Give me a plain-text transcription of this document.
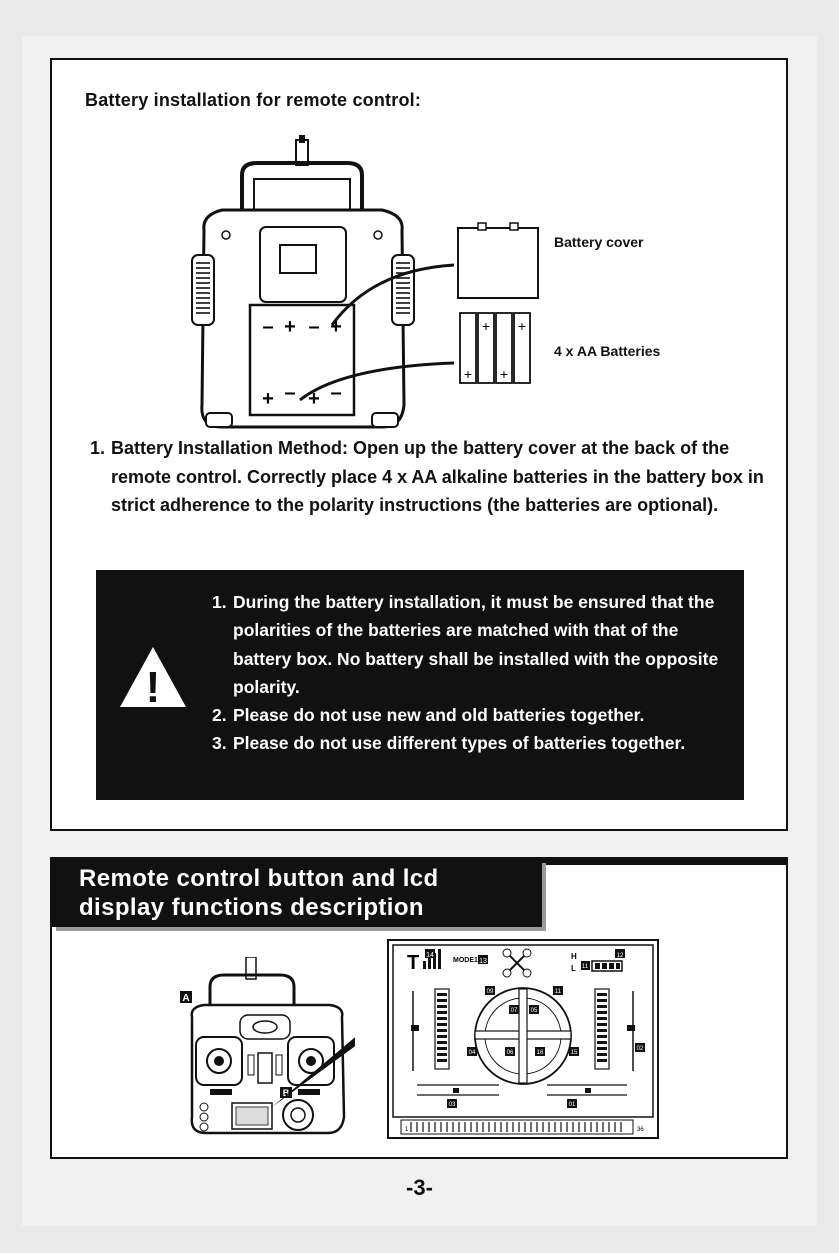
Battery installation for remote control:
– + – +
+ – + –
+ +
+ +
Battery cover
4 x AA Batteries
1. Battery Installation Method: Open up the battery cover at the back of the remote control. Correctly place 4 x AA alkaline batteries in the battery box in strict adherence to the polarity instructions (the batteries are optional).
!
1. During the battery installation, it must be ensured that the polarities of the batteries are matched with that of the battery box. No battery shall be installed with the opposite polarity.
2. Please do not use new and old batteries together.
3. Please do not use different types of batteries together.
Remote control button and lcd
display functions description
A
B
T 14
MODE1 13
H
L 11
12
02
09	11
07 05
04	06	16	15
03	01
1	36
-3-
